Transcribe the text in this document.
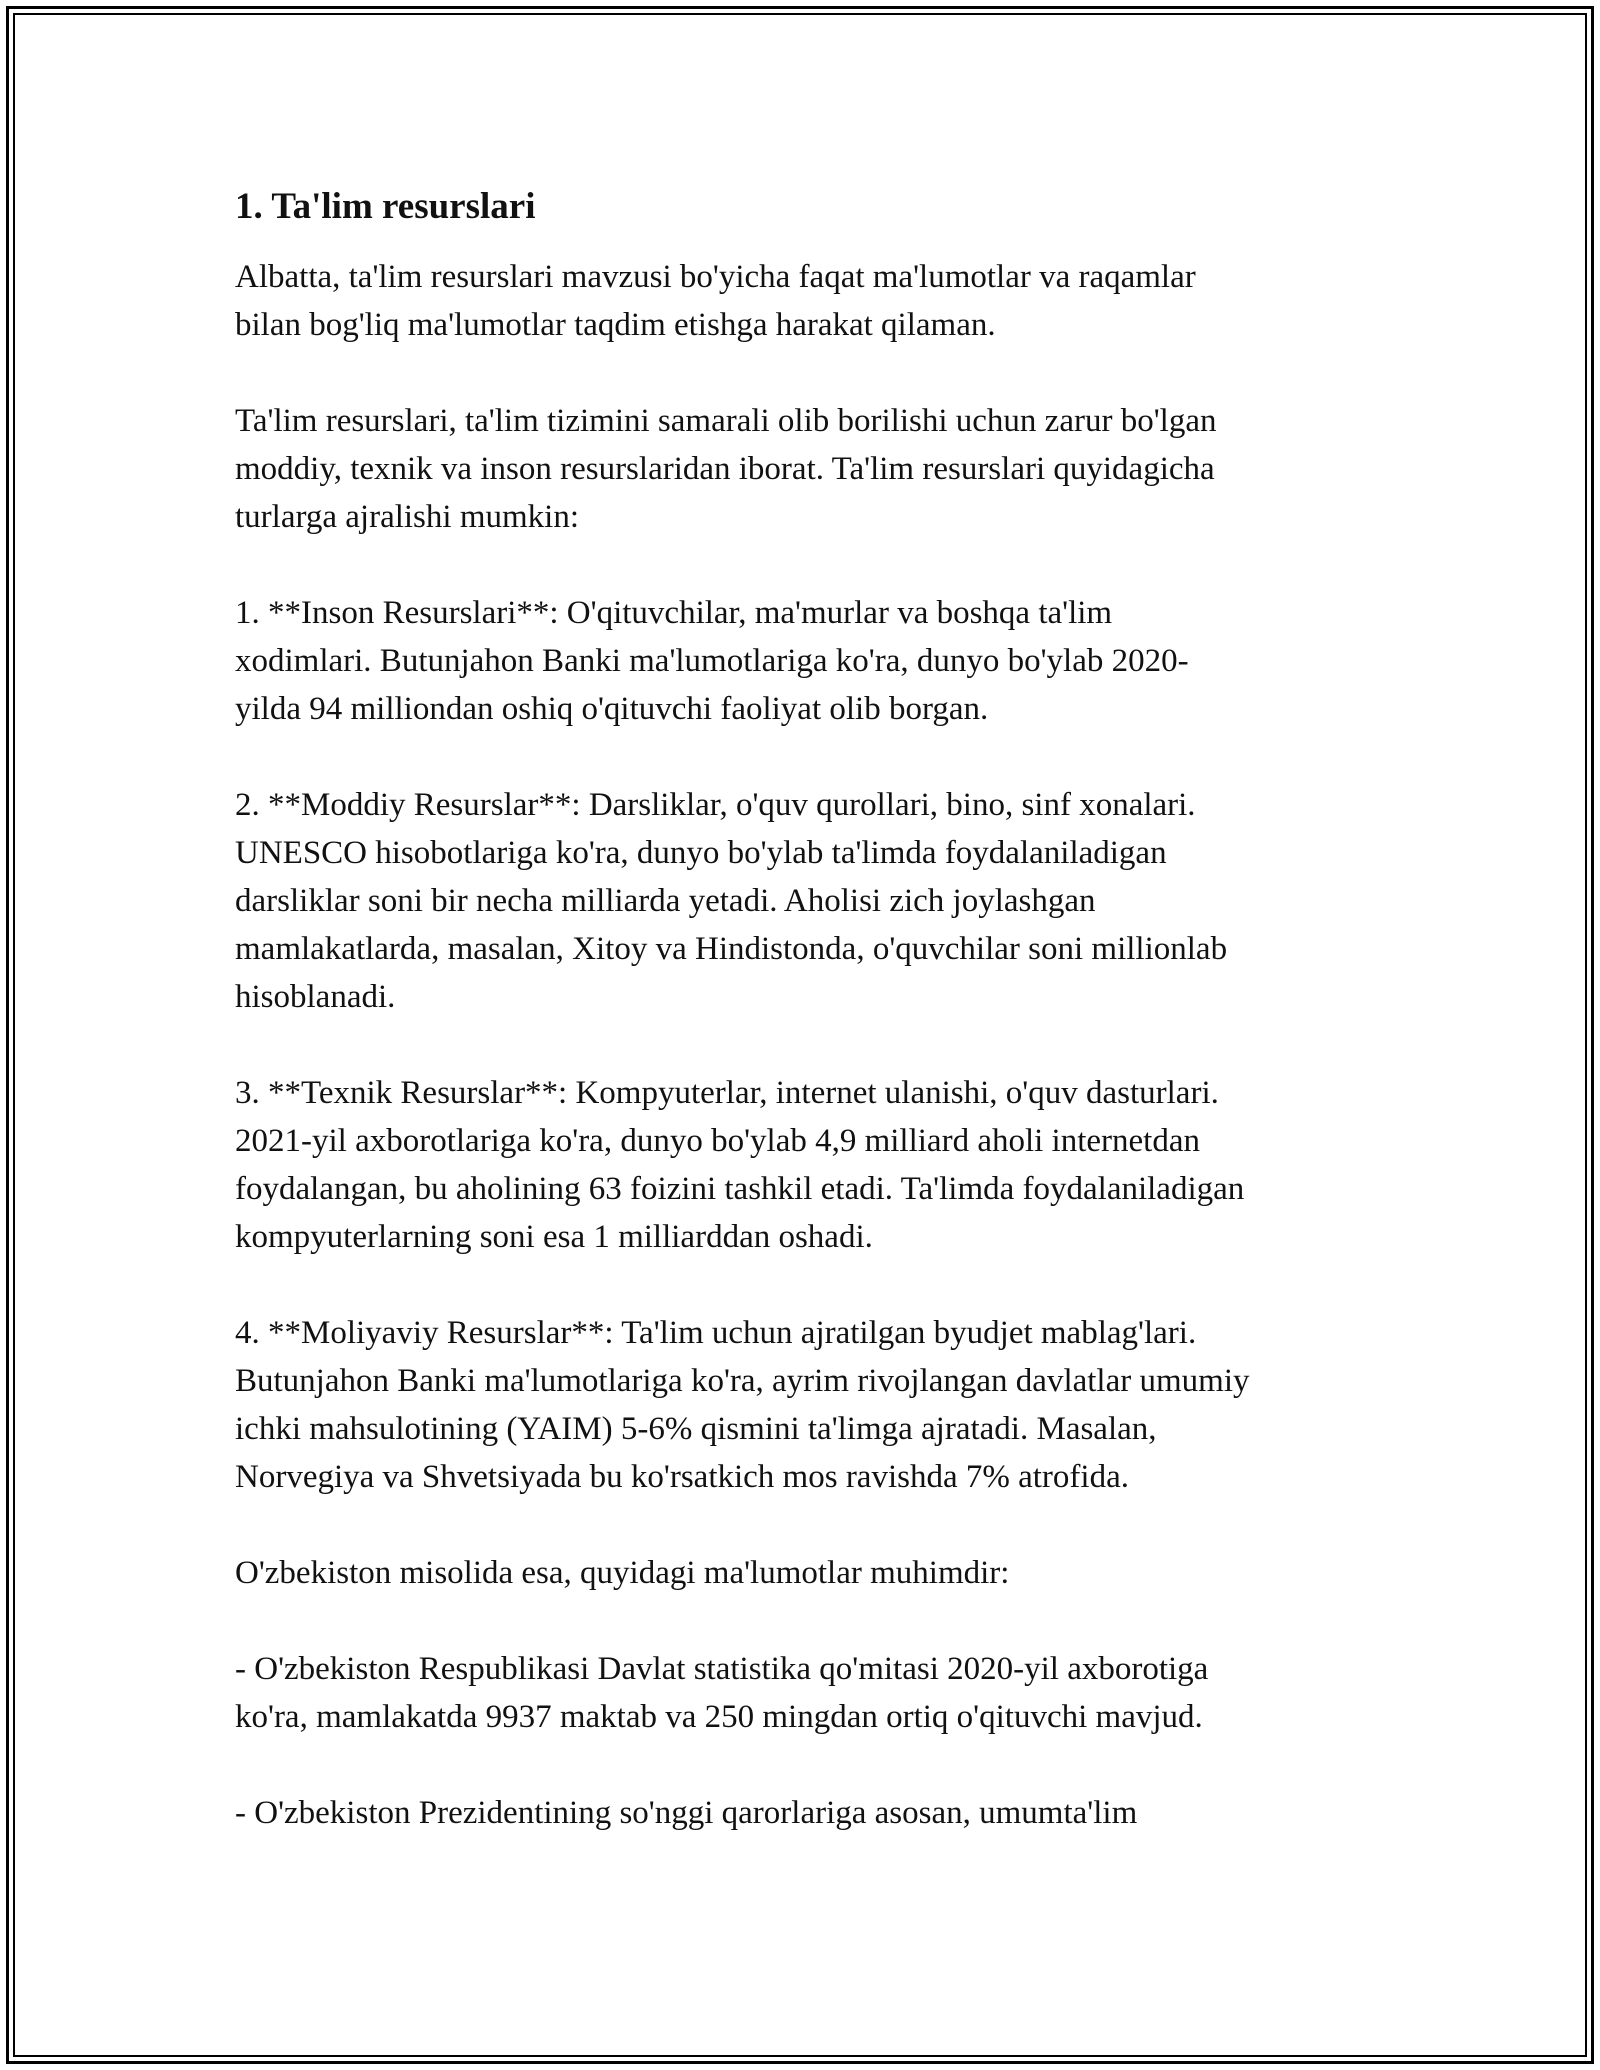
1. Ta'lim resurslari

Albatta, ta'lim resurslari mavzusi bo'yicha faqat ma'lumotlar va raqamlar
bilan bog'liq ma'lumotlar taqdim etishga harakat qilaman.

Ta'lim resurslari, ta'lim tizimini samarali olib borilishi uchun zarur bo'lgan
moddiy, texnik va inson resurslaridan iborat. Ta'lim resurslari quyidagicha
turlarga ajralishi mumkin:

1. **Inson Resurslari**: O'qituvchilar, ma'murlar va boshqa ta'lim
xodimlari. Butunjahon Banki ma'lumotlariga ko'ra, dunyo bo'ylab 2020-
yilda 94 milliondan oshiq o'qituvchi faoliyat olib borgan.

2. **Moddiy Resurslar**: Darsliklar, o'quv qurollari, bino, sinf xonalari.
UNESCO hisobotlariga ko'ra, dunyo bo'ylab ta'limda foydalaniladigan
darsliklar soni bir necha milliarda yetadi. Aholisi zich joylashgan
mamlakatlarda, masalan, Xitoy va Hindistonda, o'quvchilar soni millionlab
hisoblanadi.

3. **Texnik Resurslar**: Kompyuterlar, internet ulanishi, o'quv dasturlari.
2021-yil axborotlariga ko'ra, dunyo bo'ylab 4,9 milliard aholi internetdan
foydalangan, bu aholining 63 foizini tashkil etadi. Ta'limda foydalaniladigan
kompyuterlarning soni esa 1 milliarddan oshadi.

4. **Moliyaviy Resurslar**: Ta'lim uchun ajratilgan byudjet mablag'lari.
Butunjahon Banki ma'lumotlariga ko'ra, ayrim rivojlangan davlatlar umumiy
ichki mahsulotining (YAIM) 5-6% qismini ta'limga ajratadi. Masalan,
Norvegiya va Shvetsiyada bu ko'rsatkich mos ravishda 7% atrofida.

O'zbekiston misolida esa, quyidagi ma'lumotlar muhimdir:

- O'zbekiston Respublikasi Davlat statistika qo'mitasi 2020-yil axborotiga
ko'ra, mamlakatda 9937 maktab va 250 mingdan ortiq o'qituvchi mavjud.

- O'zbekiston Prezidentining so'nggi qarorlariga asosan, umumta'lim
